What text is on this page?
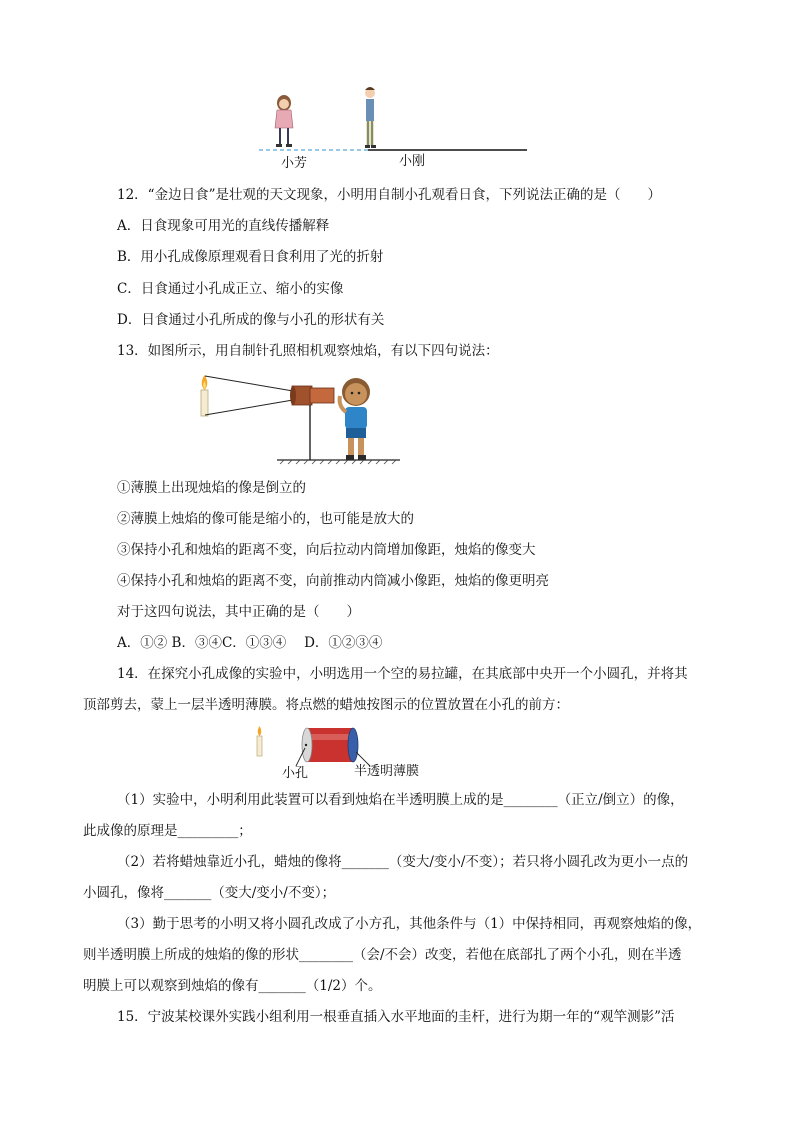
小芳	小刚
12．“金边日食”是壮观的天文现象，小明用自制小孔观看日食，下列说法正确的是（　　）
A．日食现象可用光的直线传播解释
B．用小孔成像原理观看日食利用了光的折射
C．日食通过小孔成正立、缩小的实像
D．日食通过小孔所成的像与小孔的形状有关
13．如图所示，用自制针孔照相机观察烛焰，有以下四句说法：
①薄膜上出现烛焰的像是倒立的
②薄膜上烛焰的像可能是缩小的，也可能是放大的
③保持小孔和烛焰的距离不变，向后拉动内筒增加像距，烛焰的像变大
④保持小孔和烛焰的距离不变，向前推动内筒减小像距，烛焰的像更明亮
对于这四句说法，其中正确的是（　　）
A．①② B．③④C．①③④　 D．①②③④
14．在探究小孔成像的实验中，小明选用一个空的易拉罐，在其底部中央开一个小圆孔，并将其
顶部剪去，蒙上一层半透明薄膜。将点燃的蜡烛按图示的位置放置在小孔的前方：
小孔	半透明薄膜
（1）实验中，小明利用此装置可以看到烛焰在半透明膜上成的是________（正立/倒立）的像，
此成像的原理是_________；
（2）若将蜡烛靠近小孔，蜡烛的像将_______（变大/变小/不变）；若只将小圆孔改为更小一点的
小圆孔，像将_______（变大/变小/不变）；
（3）勤于思考的小明又将小圆孔改成了小方孔，其他条件与（1）中保持相同，再观察烛焰的像，
则半透明膜上所成的烛焰的像的形状________（会/不会）改变，若他在底部扎了两个小孔，则在半透
明膜上可以观察到烛焰的像有_______（1/2）个。
15．宁波某校课外实践小组利用一根垂直插入水平地面的圭杆，进行为期一年的“观竿测影”活
